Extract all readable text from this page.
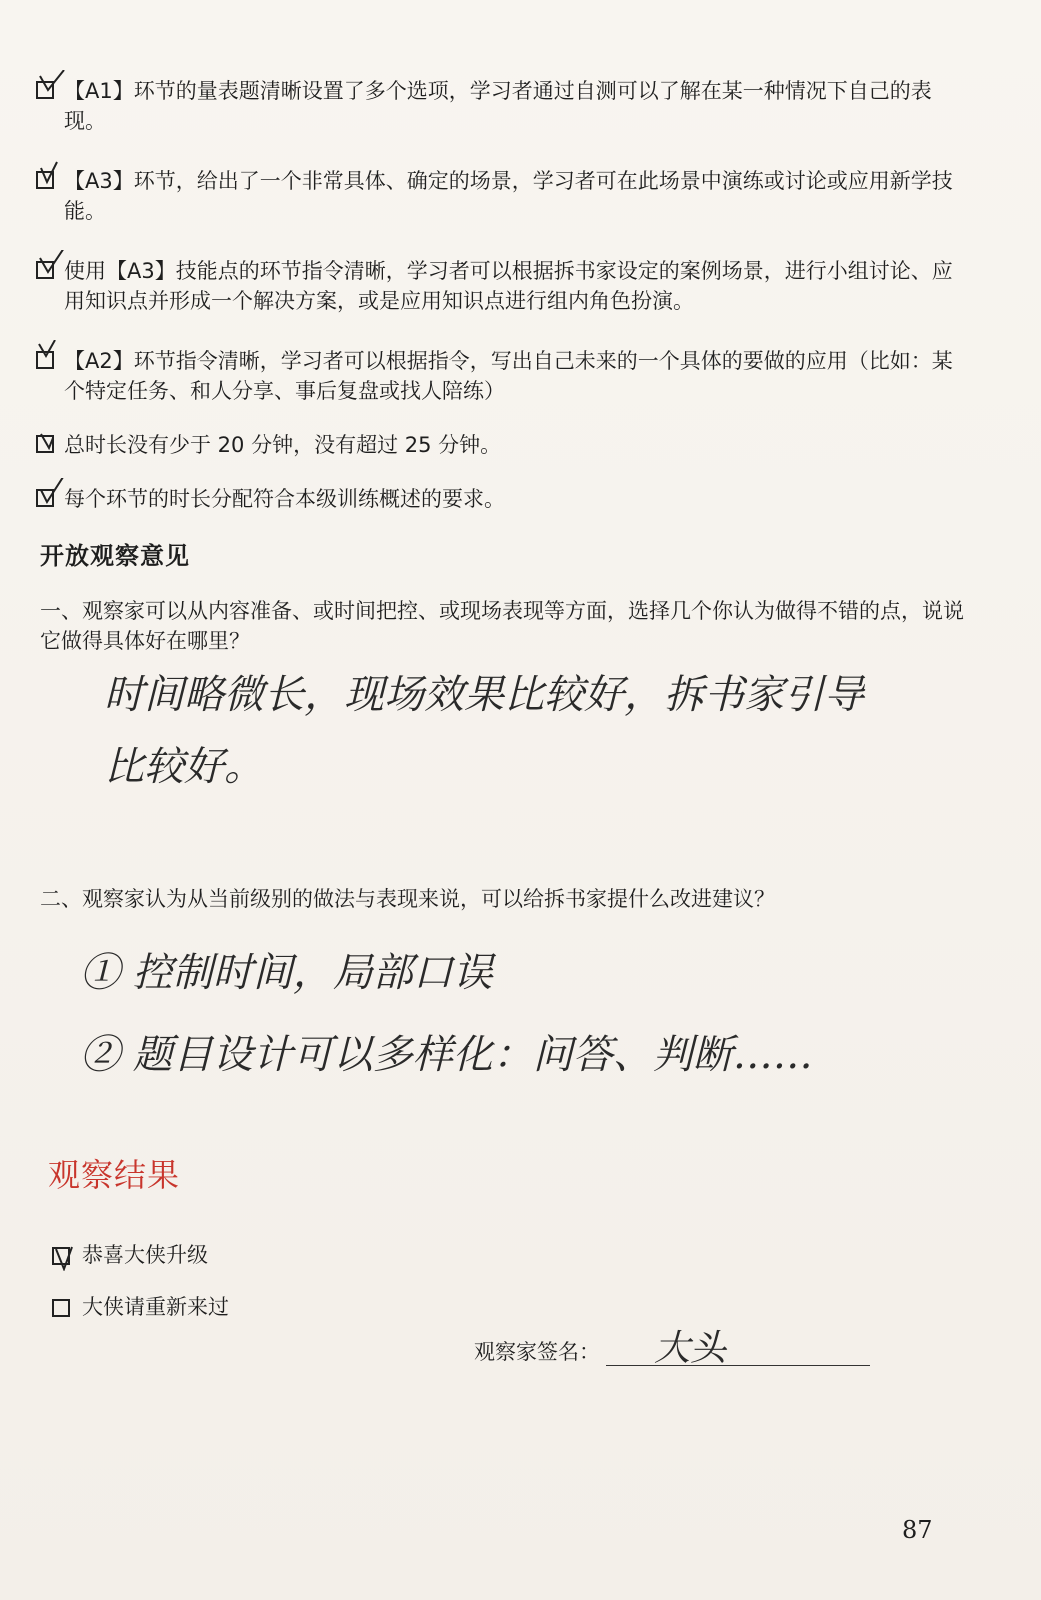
【A1】环节的量表题清晰设置了多个选项，学习者通过自测可以了解在某一种情况下自己的表现。
【A3】环节，给出了一个非常具体、确定的场景，学习者可在此场景中演练或讨论或应用新学技能。
使用【A3】技能点的环节指令清晰，学习者可以根据拆书家设定的案例场景，进行小组讨论、应用知识点并形成一个解决方案，或是应用知识点进行组内角色扮演。
【A2】环节指令清晰，学习者可以根据指令，写出自己未来的一个具体的要做的应用（比如：某个特定任务、和人分享、事后复盘或找人陪练）
总时长没有少于 20 分钟，没有超过 25 分钟。
每个环节的时长分配符合本级训练概述的要求。
开放观察意见
一、观察家可以从内容准备、或时间把控、或现场表现等方面，选择几个你认为做得不错的点，说说它做得具体好在哪里？
时间略微长，现场效果比较好，拆书家引导
比较好。
二、观察家认为从当前级别的做法与表现来说，可以给拆书家提什么改进建议？
① 控制时间，局部口误
② 题目设计可以多样化：问答、判断……
观察结果
恭喜大侠升级
大侠请重新来过
观察家签名： 大头
87
